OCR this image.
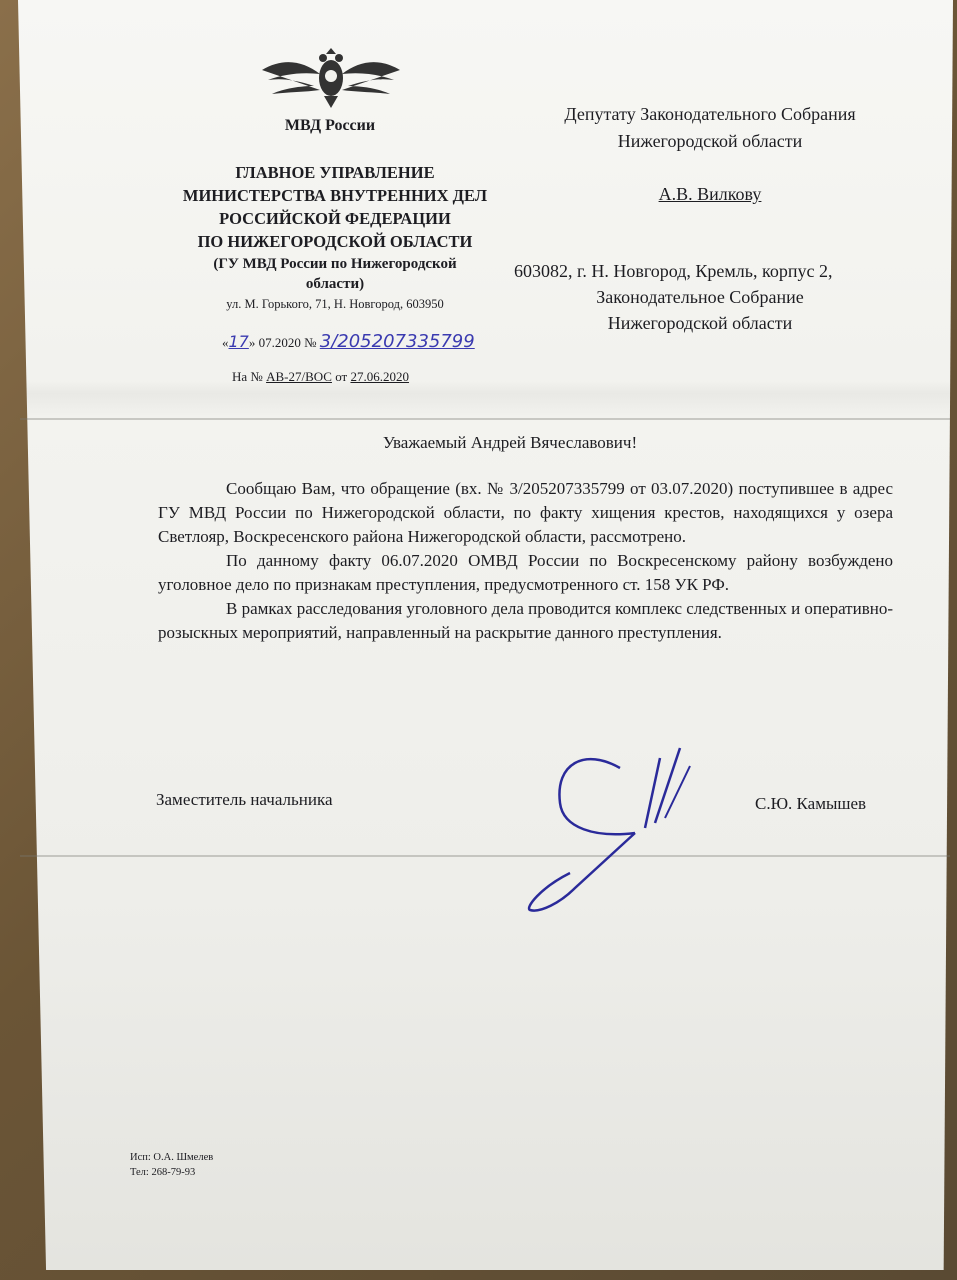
МВД России
ГЛАВНОЕ УПРАВЛЕНИЕ
МИНИСТЕРСТВА ВНУТРЕННИХ ДЕЛ
РОССИЙСКОЙ ФЕДЕРАЦИИ
ПО НИЖЕГОРОДСКОЙ ОБЛАСТИ
(ГУ МВД России по Нижегородской
области)
ул. М. Горького, 71, Н. Новгород, 603950
«17» 07.2020 № 3/205207335799
На № АВ-27/ВОС от 27.06.2020
Депутату Законодательного Собрания
Нижегородской области
А.В. Вилкову
603082, г. Н. Новгород, Кремль, корпус 2,
Законодательное Собрание
Нижегородской области
Уважаемый Андрей Вячеславович!

Сообщаю Вам, что обращение (вх. № 3/205207335799 от 03.07.2020) поступившее в адрес ГУ МВД России по Нижегородской области, по факту хищения крестов, находящихся у озера Светлояр, Воскресенского района Нижегородской области, рассмотрено.

По данному факту 06.07.2020 ОМВД России по Воскресенскому району возбуждено уголовное дело по признакам преступления, предусмотренного ст. 158 УК РФ.

В рамках расследования уголовного дела проводится комплекс следственных и оперативно-розыскных мероприятий, направленный на раскрытие данного преступления.

Заместитель начальника	С.Ю. Камышев
Исп: О.А. Шмелев
Тел: 268-79-93
